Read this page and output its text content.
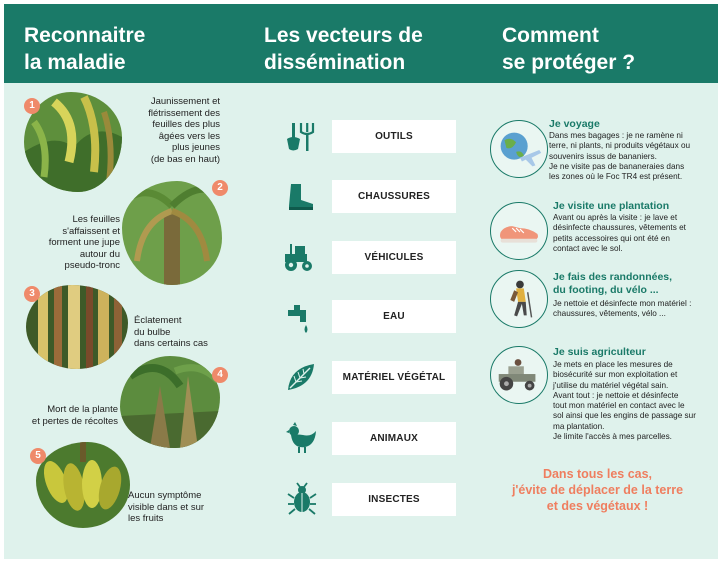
Reconnaitre
la maladie
Les vecteurs de
dissémination
Comment
se protéger ?
1	Jaunissement et
flétrissement des
feuilles des plus
âgées vers les
plus jeunes
(de bas en haut)
2
Les feuilles
s'affaissent et
forment une jupe
autour du
pseudo-tronc
3
Éclatement
du bulbe
dans certains cas
4
Mort de la plante
et pertes de récoltes
5
Aucun symptôme
visible dans et sur
les fruits
OUTILS
CHAUSSURES
VÉHICULES
EAU
MATÉRIEL VÉGÉTAL
ANIMAUX
INSECTES
Je voyage
Dans mes bagages : je ne ramène ni
terre, ni plants, ni produits végétaux ou
souvenirs issus de bananiers.
Je ne visite pas de bananeraies dans
les zones où le Foc TR4 est présent.
Je visite une plantation
Avant ou après la visite : je lave et
désinfecte chaussures, vêtements et
petits accessoires qui ont été en
contact avec le sol.
Je fais des randonnées,
du footing, du vélo ...
Je nettoie et désinfecte mon matériel :
chaussures, vêtements, vélo ...
Je suis agriculteur
Je mets en place les mesures de
biosécurité sur mon exploitation et
j'utilise du matériel végétal sain.
Avant tout : je nettoie et désinfecte
tout mon matériel en contact avec le
sol ainsi que les engins de passage sur
ma plantation.
Je limite l'accès à mes parcelles.
Dans tous les cas,
j'évite de déplacer de la terre
et des végétaux !
